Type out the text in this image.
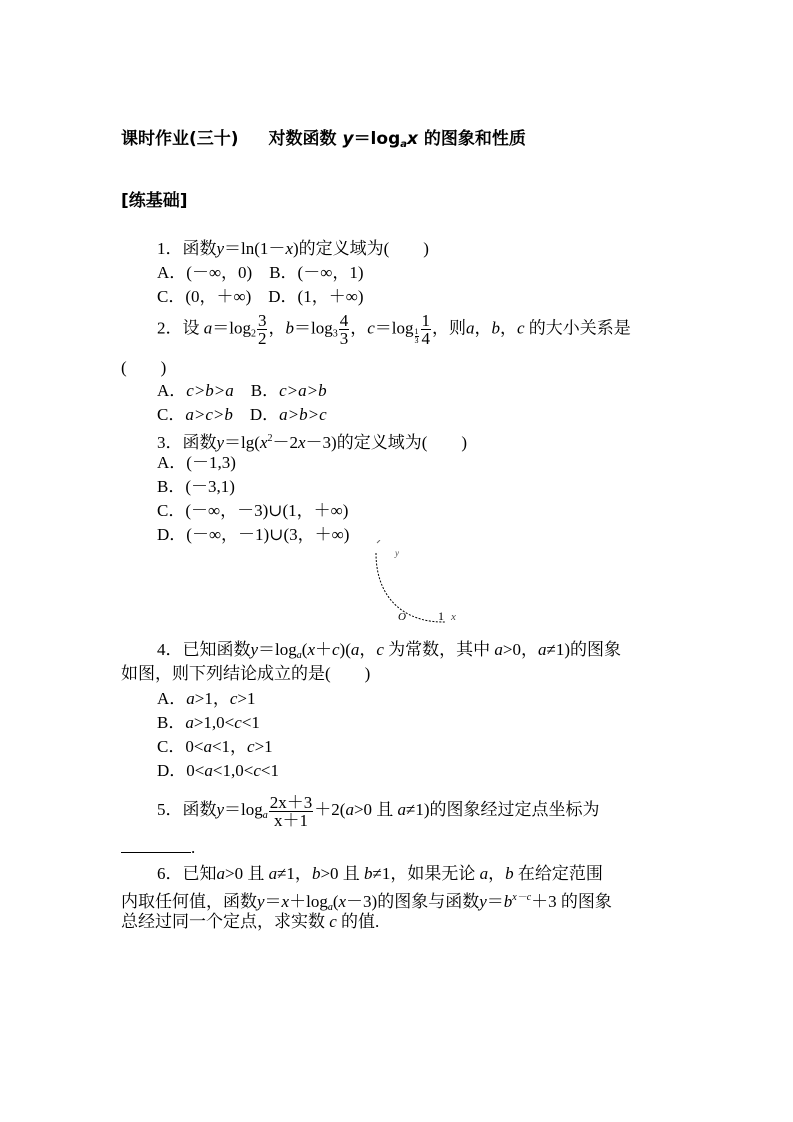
课时作业(三十) 对数函数 $y=\log_ax$ 的图象和性质
[练基础]
1．函数y＝ln(1－x)的定义域为(　　)
A．(－∞，0)　B．(－∞，1)
C．(0，＋∞)　D．(1，＋∞)
2．设 $a=\log_2 \frac{3}{2}$ ，$b=\log_3 \frac{4}{3}$ ，$c=\log \frac{1}{3} \frac{1}{4}$ ，则a，b，c 的大小关系是
(　　)
A．c>b>a　 B．c>a>b
C．a>c>b　 D．a>b>c
3．函数$y=\lg(x^2-2x-3)$的定义域为(　　)
A．(－1,3)
B．(－3,1)
C．(－∞，－3)∪(1，＋∞)
D．(－∞，－1)∪(3，＋∞)
y
O	1 x
4．已知函数$y=\log_a(x+c)(a$，c 为常数，其中 a>0，a≠1)的图象
如图，则下列结论成立的是(　　)
A．a>1，c>1
B．a>1,0<c<1
C．0<a<1，c>1
D．0<a<1,0<c<1
5．函数$y=\log_a \frac{2x+3}{x+1} +2(a>0$ 且 a≠1)的图象经过定点坐标为
.
6．已知a>0 且 a≠1，b>0 且 b≠1，如果无论 a，b 在给定范围
内取任何值，函数$y=x+\log_a(x-3)$的图象与函数$y=b^{x-c}+3$ 的图象
总经过同一个定点，求实数 c 的值.
